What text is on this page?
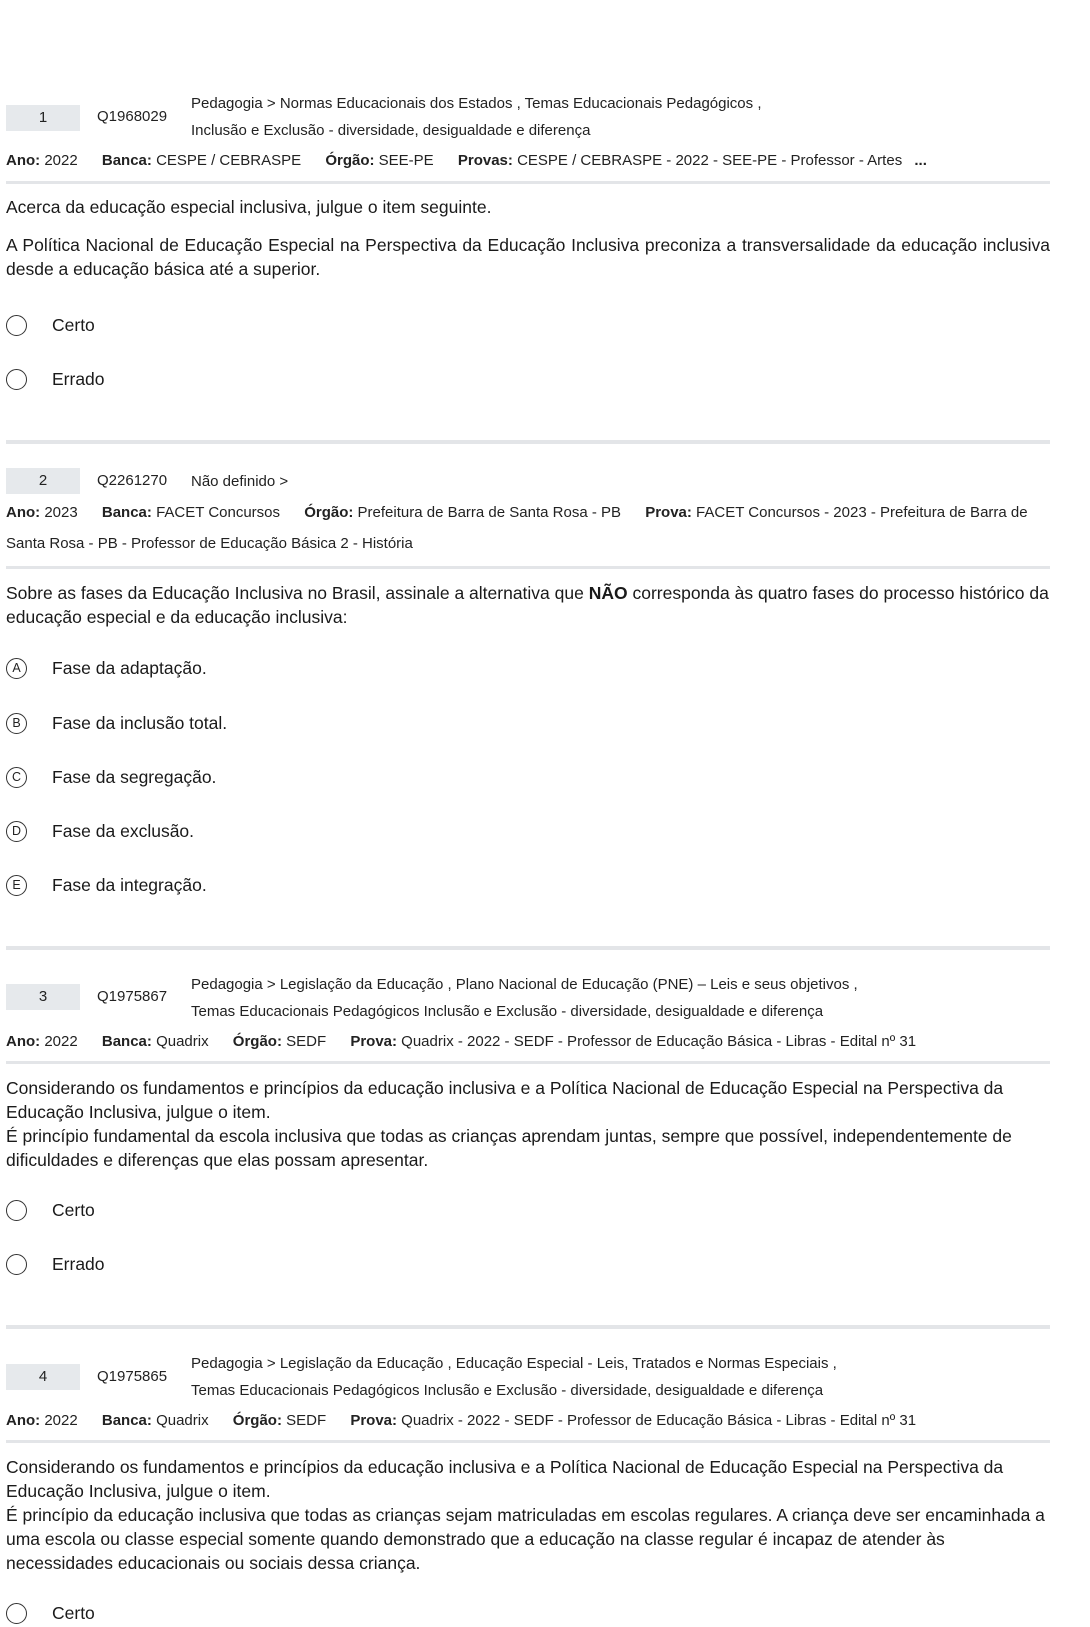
1	Q1968029
Pedagogia > Normas Educacionais dos Estados , Temas Educacionais Pedagógicos ,
Inclusão e Exclusão - diversidade, desigualdade e diferença
Ano: 2022 Banca: CESPE / CEBRASPE Órgão: SEE-PE Provas: CESPE / CEBRASPE - 2022 - SEE-PE - Professor - Artes ...

Acerca da educação especial inclusiva, julgue o item seguinte.

A Política Nacional de Educação Especial na Perspectiva da Educação Inclusiva preconiza a transversalidade da educação inclusiva desde a educação básica até a superior.

Certo
Errado
2	Q2261270 Não definido >
Ano: 2023 Banca: FACET Concursos Órgão: Prefeitura de Barra de Santa Rosa - PB Prova: FACET Concursos - 2023 - Prefeitura de Barra de Santa Rosa - PB - Professor de Educação Básica 2 - História

Sobre as fases da Educação Inclusiva no Brasil, assinale a alternativa que NÃO corresponda às quatro fases do processo histórico da educação especial e da educação inclusiva:

A	Fase da adaptação.
B	Fase da inclusão total.
C	Fase da segregação.
D	Fase da exclusão.
E	Fase da integração.
3	Q1975867
Pedagogia > Legislação da Educação , Plano Nacional de Educação (PNE) – Leis e seus objetivos ,
Temas Educacionais Pedagógicos Inclusão e Exclusão - diversidade, desigualdade e diferença
Ano: 2022 Banca: Quadrix Órgão: SEDF Prova: Quadrix - 2022 - SEDF - Professor de Educação Básica - Libras - Edital nº 31

Considerando os fundamentos e princípios da educação inclusiva e a Política Nacional de Educação Especial na Perspectiva da Educação Inclusiva, julgue o item.

É princípio fundamental da escola inclusiva que todas as crianças aprendam juntas, sempre que possível, independentemente de dificuldades e diferenças que elas possam apresentar.

Certo
Errado
4	Q1975865
Pedagogia > Legislação da Educação , Educação Especial - Leis, Tratados e Normas Especiais ,
Temas Educacionais Pedagógicos Inclusão e Exclusão - diversidade, desigualdade e diferença
Ano: 2022 Banca: Quadrix Órgão: SEDF Prova: Quadrix - 2022 - SEDF - Professor de Educação Básica - Libras - Edital nº 31

Considerando os fundamentos e princípios da educação inclusiva e a Política Nacional de Educação Especial na Perspectiva da Educação Inclusiva, julgue o item.

É princípio da educação inclusiva que todas as crianças sejam matriculadas em escolas regulares. A criança deve ser encaminhada a uma escola ou classe especial somente quando demonstrado que a educação na classe regular é incapaz de atender às necessidades educacionais ou sociais dessa criança.

Certo
